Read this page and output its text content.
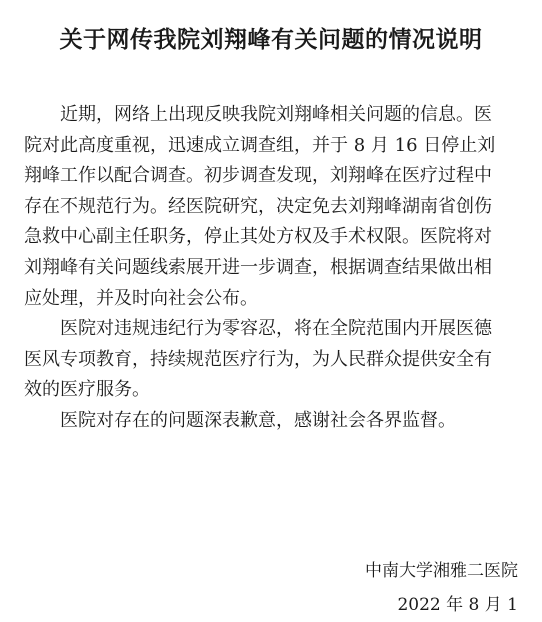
关于网传我院刘翔峰有关问题的情况说明
近期，网络上出现反映我院刘翔峰相关问题的信息。医
院对此高度重视，迅速成立调查组，并于 8 月 16 日停止刘
翔峰工作以配合调查。初步调查发现，刘翔峰在医疗过程中
存在不规范行为。经医院研究，决定免去刘翔峰湖南省创伤
急救中心副主任职务，停止其处方权及手术权限。医院将对
刘翔峰有关问题线索展开进一步调查，根据调查结果做出相
应处理，并及时向社会公布。
医院对违规违纪行为零容忍，将在全院范围内开展医德
医风专项教育，持续规范医疗行为，为人民群众提供安全有
效的医疗服务。
医院对存在的问题深表歉意，感谢社会各界监督。
中南大学湘雅二医院
2022 年 8 月 1
